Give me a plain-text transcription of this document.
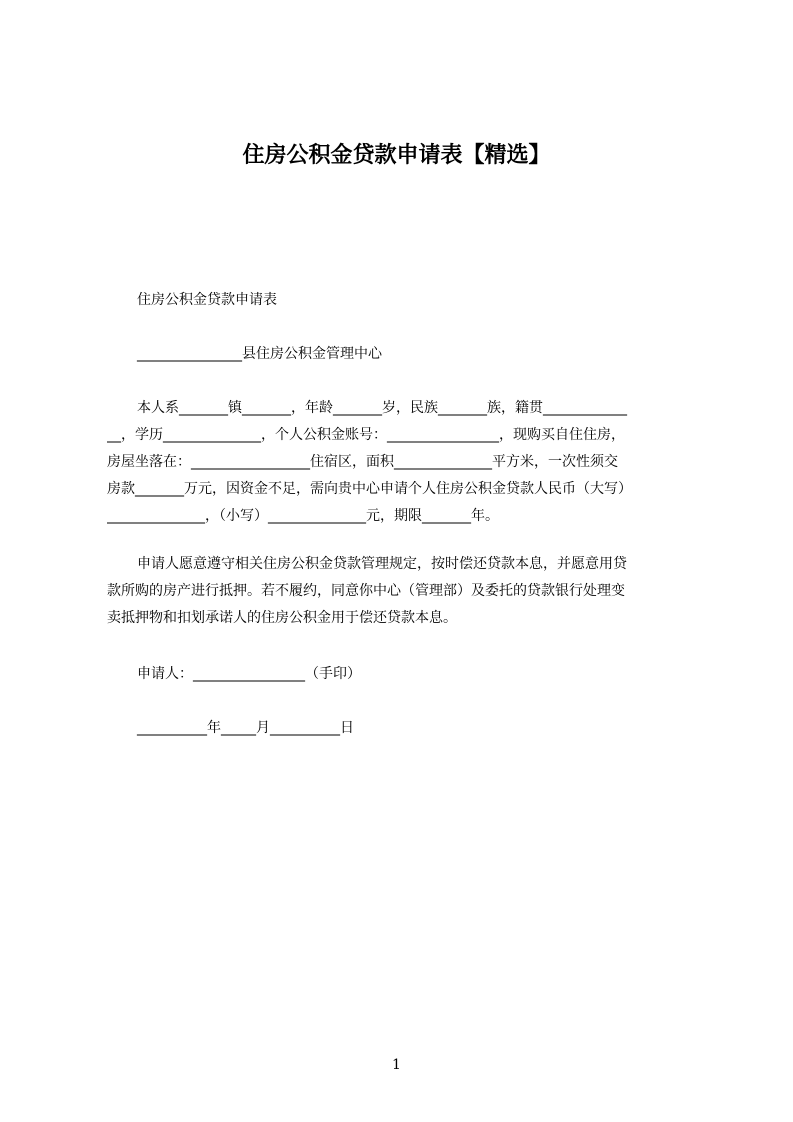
住房公积金贷款申请表【精选】
住房公积金贷款申请表
_______________县住房公积金管理中心
本人系_______镇_______，年龄_______岁，民族_______族，籍贯____________
__，学历______________，个人公积金账号：________________，现购买自住住房，
房屋坐落在：_________________住宿区，面积______________平方米，一次性须交
房款_______万元，因资金不足，需向贵中心申请个人住房公积金贷款人民币（大写）
______________，（小写）______________元，期限_______年。
申请人愿意遵守相关住房公积金贷款管理规定，按时偿还贷款本息，并愿意用贷
款所购的房产进行抵押。若不履约，同意你中心（管理部）及委托的贷款银行处理变
卖抵押物和扣划承诺人的住房公积金用于偿还贷款本息。
申请人：________________（手印）
__________年_____月__________日
1
